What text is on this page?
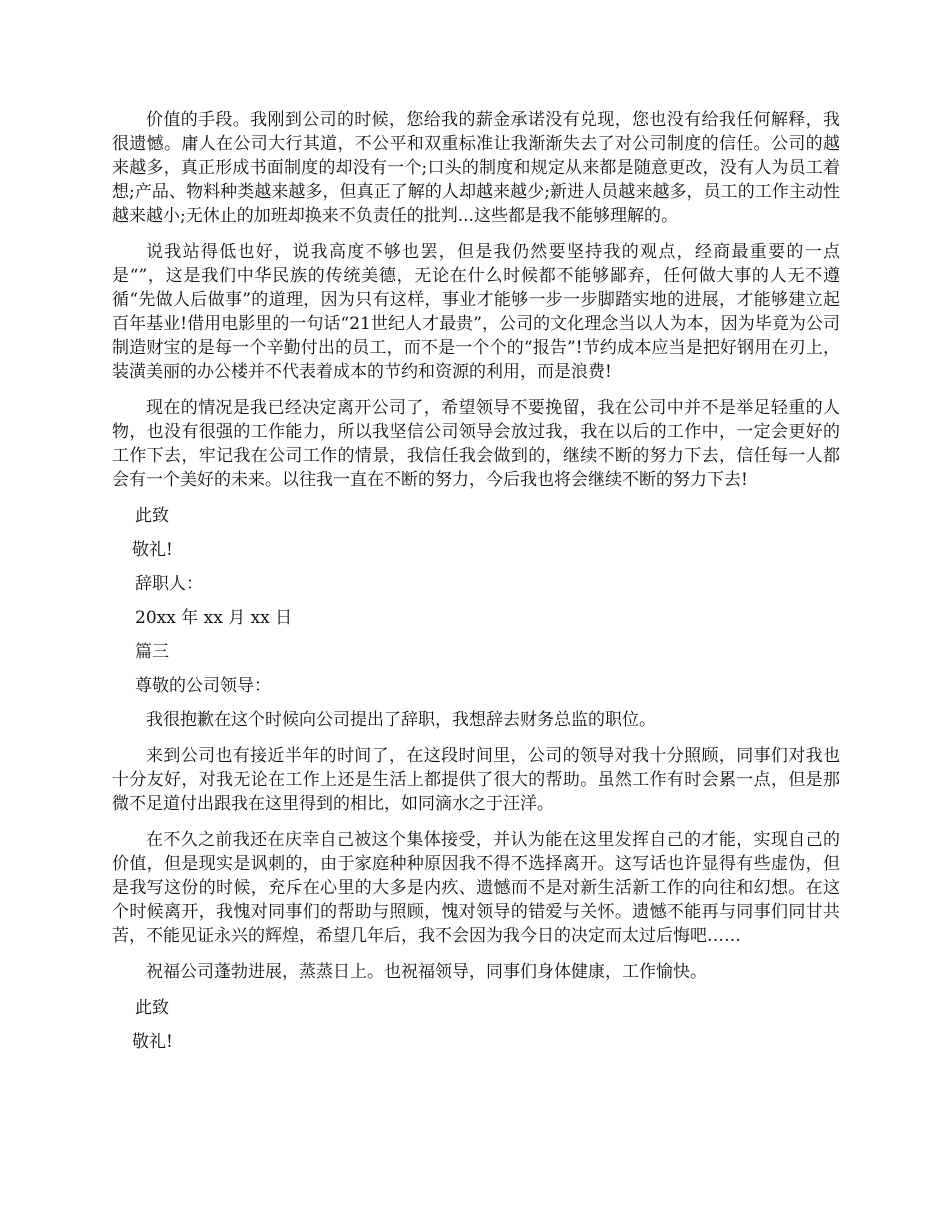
价值的手段。我刚到公司的时候，您给我的薪金承诺没有兑现，您也没有给我任何解释，我很遗憾。庸人在公司大行其道，不公平和双重标准让我渐渐失去了对公司制度的信任。公司的越来越多，真正形成书面制度的却没有一个;口头的制度和规定从来都是随意更改，没有人为员工着想;产品、物料种类越来越多，但真正了解的人却越来越少;新进人员越来越多，员工的工作主动性越来越小;无休止的加班却换来不负责任的批判...这些都是我不能够理解的。

说我站得低也好，说我高度不够也罢，但是我仍然要坚持我的观点，经商最重要的一点是“”，这是我们中华民族的传统美德，无论在什么时候都不能够鄙弃，任何做大事的人无不遵循“先做人后做事”的道理，因为只有这样，事业才能够一步一步脚踏实地的进展，才能够建立起百年基业!借用电影里的一句话“21世纪人才最贵”，公司的文化理念当以人为本，因为毕竟为公司制造财宝的是每一个辛勤付出的员工，而不是一个个的“报告”!节约成本应当是把好钢用在刃上，装潢美丽的办公楼并不代表着成本的节约和资源的利用，而是浪费!

现在的情况是我已经决定离开公司了，希望领导不要挽留，我在公司中并不是举足轻重的人物，也没有很强的工作能力，所以我坚信公司领导会放过我，我在以后的工作中，一定会更好的工作下去，牢记我在公司工作的情景，我信任我会做到的，继续不断的努力下去，信任每一人都会有一个美好的未来。以往我一直在不断的努力，今后我也将会继续不断的努力下去!

此致

敬礼!

辞职人：

20xx 年 xx 月 xx 日

篇三

尊敬的公司领导：

我很抱歉在这个时候向公司提出了辞职，我想辞去财务总监的职位。

来到公司也有接近半年的时间了，在这段时间里，公司的领导对我十分照顾，同事们对我也十分友好，对我无论在工作上还是生活上都提供了很大的帮助。虽然工作有时会累一点，但是那微不足道付出跟我在这里得到的相比，如同滴水之于汪洋。

在不久之前我还在庆幸自己被这个集体接受，并认为能在这里发挥自己的才能，实现自己的价值，但是现实是讽刺的，由于家庭种种原因我不得不选择离开。这写话也许显得有些虚伪，但是我写这份的时候，充斥在心里的大多是内疚、遗憾而不是对新生活新工作的向往和幻想。在这个时候离开，我愧对同事们的帮助与照顾，愧对领导的错爱与关怀。遗憾不能再与同事们同甘共苦，不能见证永兴的辉煌，希望几年后，我不会因为我今日的决定而太过后悔吧……

祝福公司蓬勃进展，蒸蒸日上。也祝福领导，同事们身体健康，工作愉快。

此致

敬礼!
